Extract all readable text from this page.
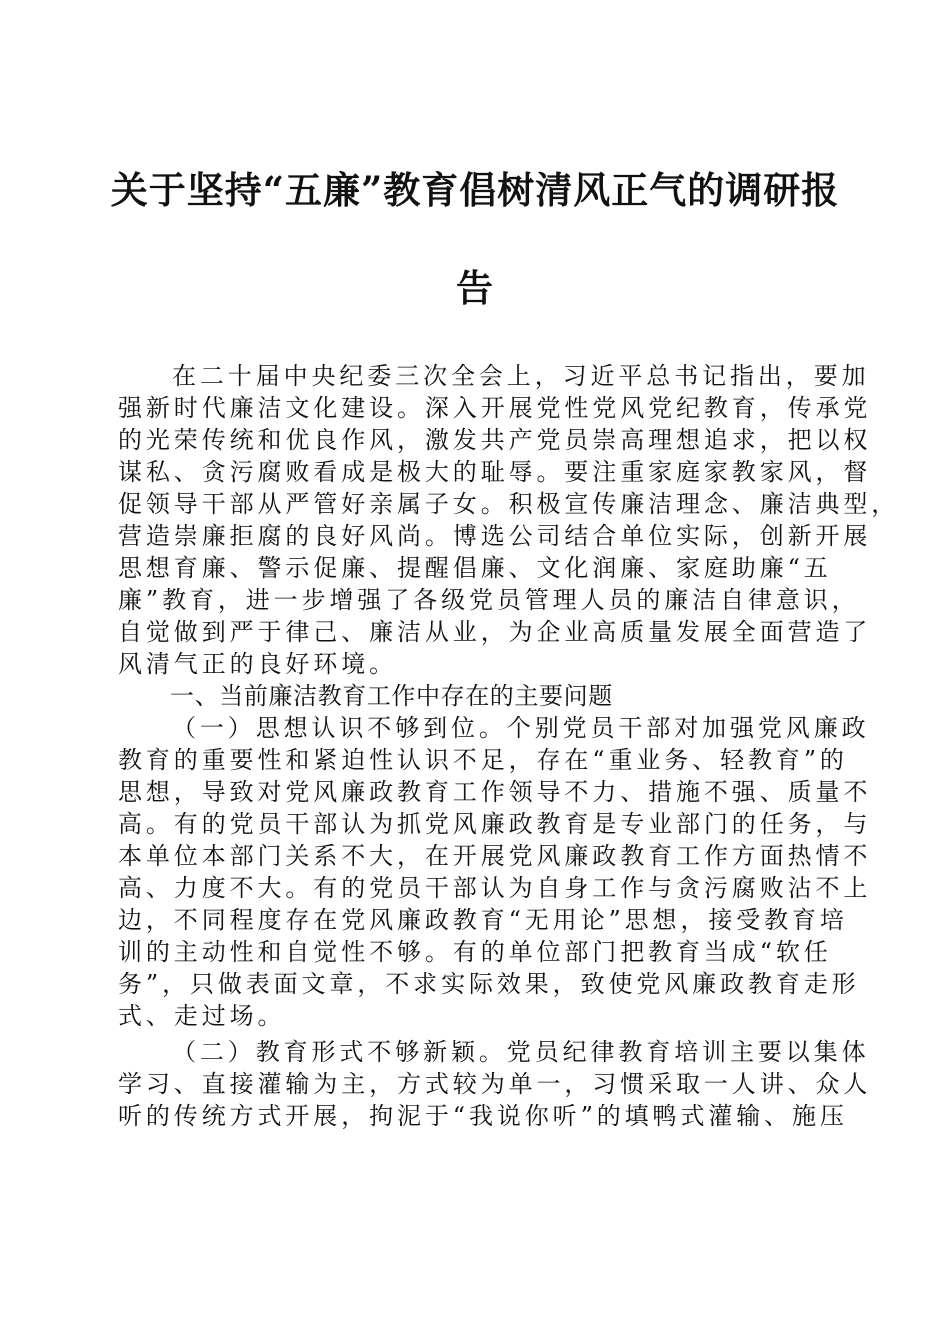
关于坚持“五廉”教育倡树清风正气的调研报
告
在二十届中央纪委三次全会上，习近平总书记指出，要加
强新时代廉洁文化建设。深入开展党性党风党纪教育，传承党
的光荣传统和优良作风，激发共产党员崇高理想追求，把以权
谋私、贪污腐败看成是极大的耻辱。要注重家庭家教家风，督
促领导干部从严管好亲属子女。积极宣传廉洁理念、廉洁典型，
营造崇廉拒腐的良好风尚。博选公司结合单位实际，创新开展
思想育廉、警示促廉、提醒倡廉、文化润廉、家庭助廉“五
廉”教育，进一步增强了各级党员管理人员的廉洁自律意识，
自觉做到严于律己、廉洁从业，为企业高质量发展全面营造了
风清气正的良好环境。
一、当前廉洁教育工作中存在的主要问题
（一）思想认识不够到位。个别党员干部对加强党风廉政
教育的重要性和紧迫性认识不足，存在“重业务、轻教育”的
思想，导致对党风廉政教育工作领导不力、措施不强、质量不
高。有的党员干部认为抓党风廉政教育是专业部门的任务，与
本单位本部门关系不大，在开展党风廉政教育工作方面热情不
高、力度不大。有的党员干部认为自身工作与贪污腐败沾不上
边，不同程度存在党风廉政教育“无用论”思想，接受教育培
训的主动性和自觉性不够。有的单位部门把教育当成“软任
务”，只做表面文章，不求实际效果，致使党风廉政教育走形
式、走过场。
（二）教育形式不够新颖。党员纪律教育培训主要以集体
学习、直接灌输为主，方式较为单一，习惯采取一人讲、众人
听的传统方式开展，拘泥于“我说你听”的填鸭式灌输、施压
